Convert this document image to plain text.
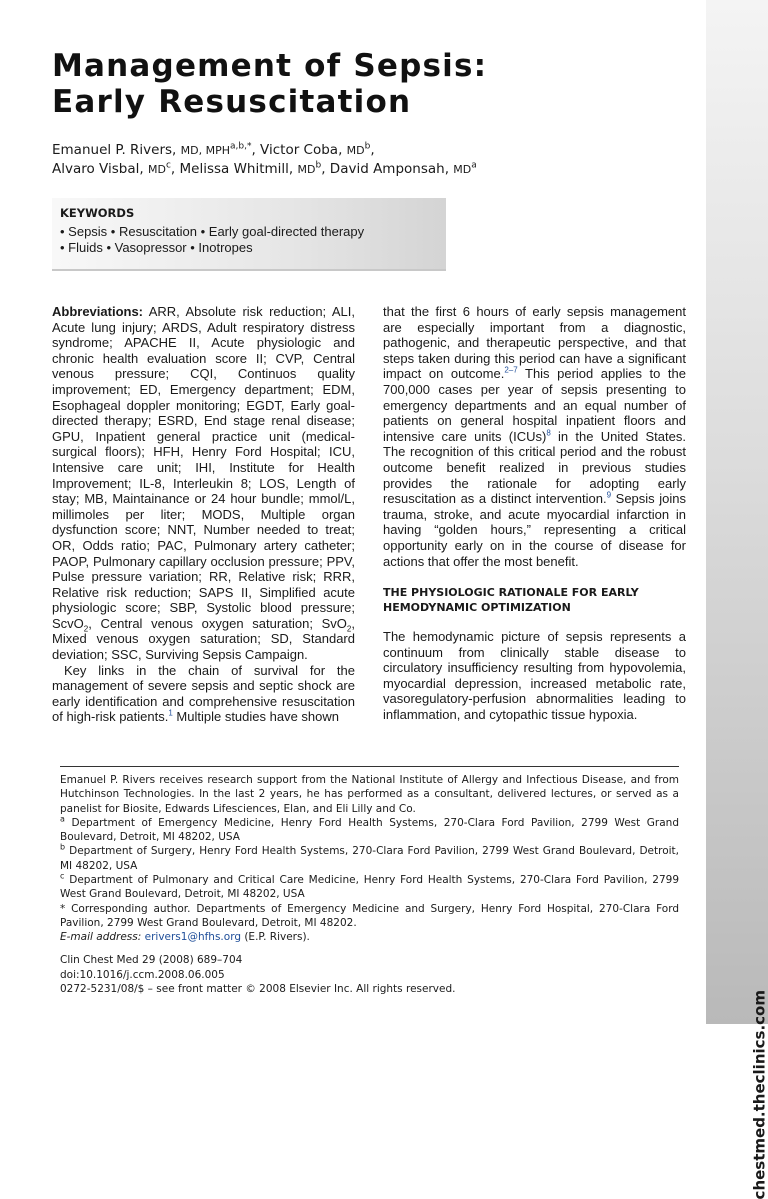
chestmed.theclinics.com
Management of Sepsis:
Early Resuscitation
Emanuel P. Rivers, MD, $MPH^{a,b,*}$, Victor Coba, $MD^b$,
Alvaro Visbal, $MD^c$, Melissa Whitmill, $MD^b$, David Amponsah, $MD^a$
KEYWORDS
• Sepsis • Resuscitation • Early goal-directed therapy
• Fluids • Vasopressor • Inotropes

Abbreviations: ARR, Absolute risk reduction; ALI, Acute lung injury; ARDS, Adult respiratory distress syndrome; APACHE II, Acute physiologic and chronic health evaluation score II; CVP, Central venous pressure; CQI, Continuos quality improvement; ED, Emergency department; EDM, Esophageal doppler monitoring; EGDT, Early goal-directed therapy; ESRD, End stage renal disease; GPU, Inpatient general practice unit (medical-surgical floors); HFH, Henry Ford Hospital; ICU, Intensive care unit; IHI, Institute for Health Improvement; IL-8, Interleukin 8; LOS, Length of stay; MB, Maintainance or 24 hour bundle; mmol/L, millimoles per liter; MODS, Multiple organ dysfunction score; NNT, Number needed to treat; OR, Odds ratio; PAC, Pulmonary artery catheter; PAOP, Pulmonary capillary occlusion pressure; PPV, Pulse pressure variation; RR, Relative risk; RRR, Relative risk reduction; SAPS II, Simplified acute physiologic score; SBP, Systolic blood pressure; ScvO$_2$, Central venous oxygen saturation; SvO$_2$, Mixed venous oxygen saturation; SD, Standard deviation; SSC, Surviving Sepsis Campaign.

Key links in the chain of survival for the management of severe sepsis and septic shock are early identification and comprehensive resuscitation of high-risk patients.$^1$ Multiple studies have shown

that the first 6 hours of early sepsis management are especially important from a diagnostic, pathogenic, and therapeutic perspective, and that steps taken during this period can have a significant impact on outcome.$^{2-7}$ This period applies to the 700,000 cases per year of sepsis presenting to emergency departments and an equal number of patients on general hospital inpatient floors and intensive care units (ICUs)$^8$ in the United States. The recognition of this critical period and the robust outcome benefit realized in previous studies provides the rationale for adopting early resuscitation as a distinct intervention.$^9$ Sepsis joins trauma, stroke, and acute myocardial infarction in having “golden hours,” representing a critical opportunity early on in the course of disease for actions that offer the most benefit.

THE PHYSIOLOGIC RATIONALE FOR EARLY HEMODYNAMIC OPTIMIZATION

The hemodynamic picture of sepsis represents a continuum from clinically stable disease to circulatory insufficiency resulting from hypovolemia, myocardial depression, increased metabolic rate, vasoregulatory-perfusion abnormalities leading to inflammation, and cytopathic tissue hypoxia.

Emanuel P. Rivers receives research support from the National Institute of Allergy and Infectious Disease, and from Hutchinson Technologies. In the last 2 years, he has performed as a consultant, delivered lectures, or served as a panelist for Biosite, Edwards Lifesciences, Elan, and Eli Lilly and Co.

$^a$ Department of Emergency Medicine, Henry Ford Health Systems, 270-Clara Ford Pavilion, 2799 West Grand Boulevard, Detroit, MI 48202, USA

$^b$ Department of Surgery, Henry Ford Health Systems, 270-Clara Ford Pavilion, 2799 West Grand Boulevard, Detroit, MI 48202, USA

$^c$ Department of Pulmonary and Critical Care Medicine, Henry Ford Health Systems, 270-Clara Ford Pavilion, 2799 West Grand Boulevard, Detroit, MI 48202, USA

* Corresponding author. Departments of Emergency Medicine and Surgery, Henry Ford Hospital, 270-Clara Ford Pavilion, 2799 West Grand Boulevard, Detroit, MI 48202.

E-mail address: erivers1@hfhs.org (E.P. Rivers).

Clin Chest Med 29 (2008) 689–704

doi:10.1016/j.ccm.2008.06.005

0272-5231/08/$ – see front matter © 2008 Elsevier Inc. All rights reserved.
